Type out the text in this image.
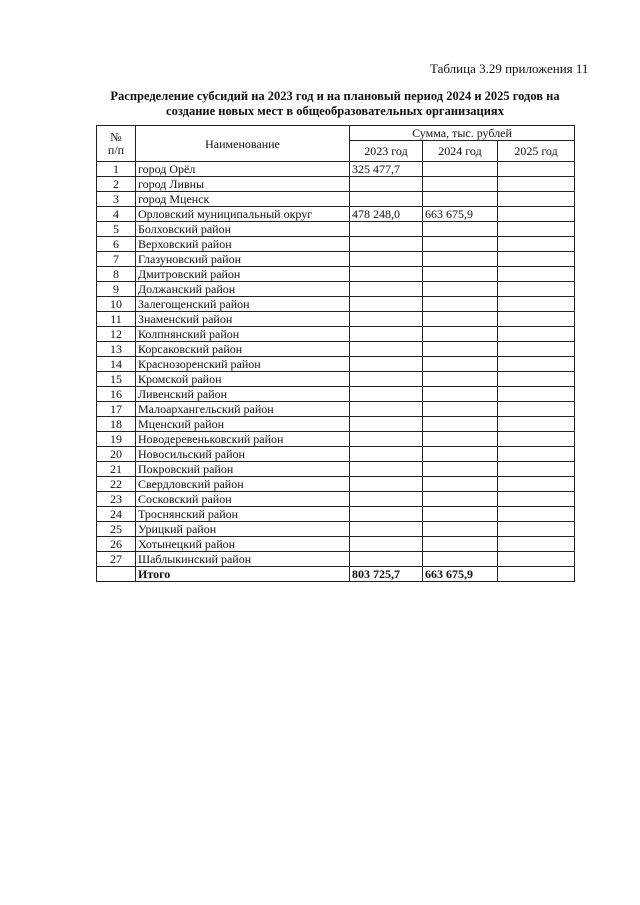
Таблица 3.29 приложения 11
Распределение субсидий на 2023 год и на плановый период 2024 и 2025 годов на создание новых мест в общеобразовательных организациях
№
п/п	Наименование	Сумма, тыс. рублей		
		2023 год	2024 год	2025 год
1	город Орёл	325 477,7		
2	город Ливны			
3	город Мценск			
4	Орловский муниципальный округ	478 248,0	663 675,9	
5	Болховский район			
6	Верховский район			
7	Глазуновский район			
8	Дмитровский район			
9	Должанский район			
10	Залегощенский район			
11	Знаменский район			
12	Колпнянский район			
13	Корсаковский район			
14	Краснозоренский район			
15	Кромской район			
16	Ливенский район			
17	Малоархангельский район			
18	Мценский район			
19	Новодеревеньковский район			
20	Новосильский район			
21	Покровский район			
22	Свердловский район			
23	Сосковский район			
24	Троснянский район			
25	Урицкий район			
26	Хотынецкий район			
27	Шаблыкинский район			
	Итого	803 725,7	663 675,9	
